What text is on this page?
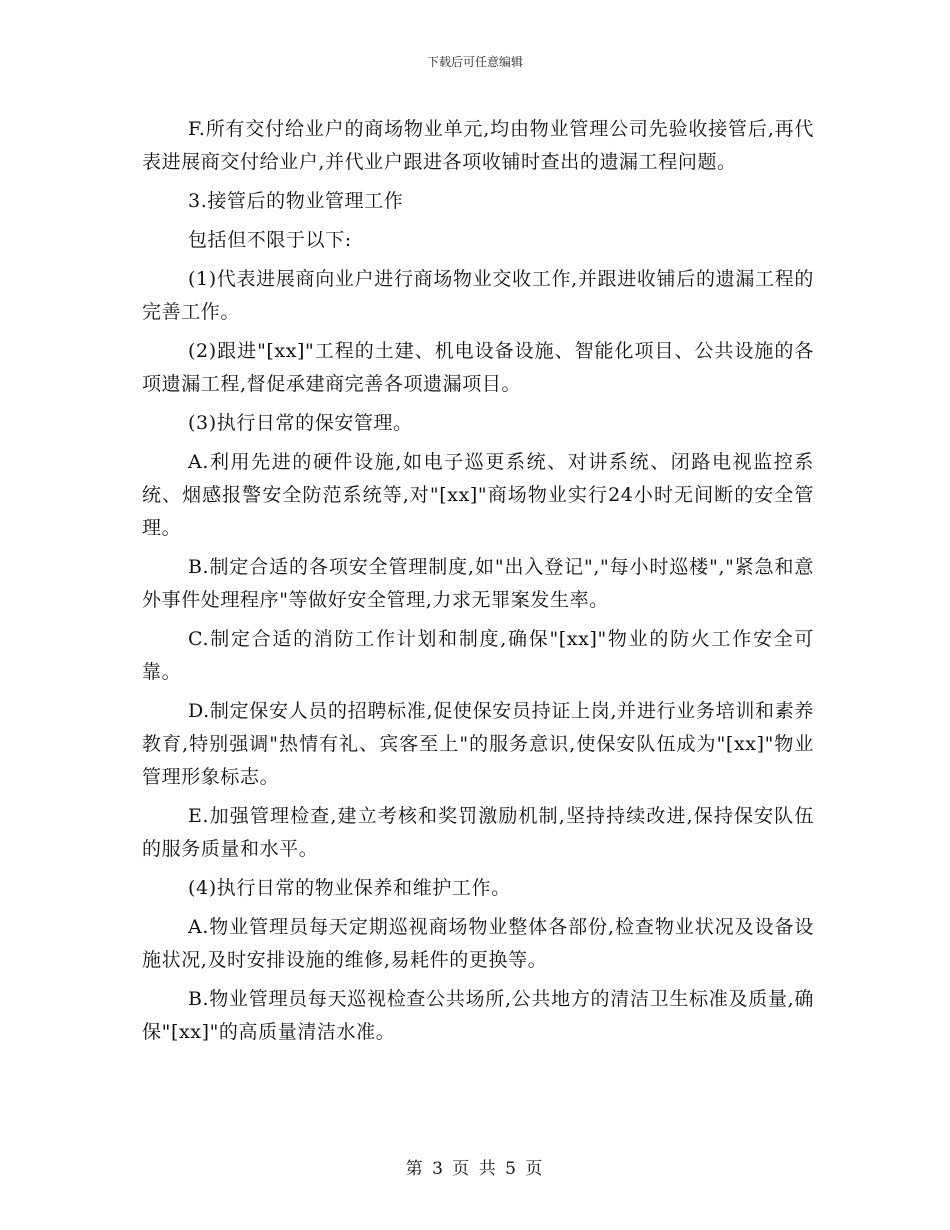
下载后可任意编辑

F.所有交付给业户的商场物业单元,均由物业管理公司先验收接管后,再代表进展商交付给业户,并代业户跟进各项收铺时查出的遗漏工程问题。

3.接管后的物业管理工作

包括但不限于以下:

(1)代表进展商向业户进行商场物业交收工作,并跟进收铺后的遗漏工程的完善工作。

(2)跟进"[xx]"工程的土建、机电设备设施、智能化项目、公共设施的各项遗漏工程,督促承建商完善各项遗漏项目。

(3)执行日常的保安管理。

A.利用先进的硬件设施,如电子巡更系统、对讲系统、闭路电视监控系统、烟感报警安全防范系统等,对"[xx]"商场物业实行24小时无间断的安全管理。

B.制定合适的各项安全管理制度,如"出入登记","每小时巡楼","紧急和意外事件处理程序"等做好安全管理,力求无罪案发生率。

C.制定合适的消防工作计划和制度,确保"[xx]"物业的防火工作安全可靠。

D.制定保安人员的招聘标准,促使保安员持证上岗,并进行业务培训和素养教育,特别强调"热情有礼、宾客至上"的服务意识,使保安队伍成为"[xx]"物业管理形象标志。

E.加强管理检查,建立考核和奖罚激励机制,坚持持续改进,保持保安队伍的服务质量和水平。

(4)执行日常的物业保养和维护工作。

A.物业管理员每天定期巡视商场物业整体各部份,检查物业状况及设备设施状况,及时安排设施的维修,易耗件的更换等。

B.物业管理员每天巡视检查公共场所,公共地方的清洁卫生标准及质量,确保"[xx]"的高质量清洁水准。

第 3 页 共 5 页
